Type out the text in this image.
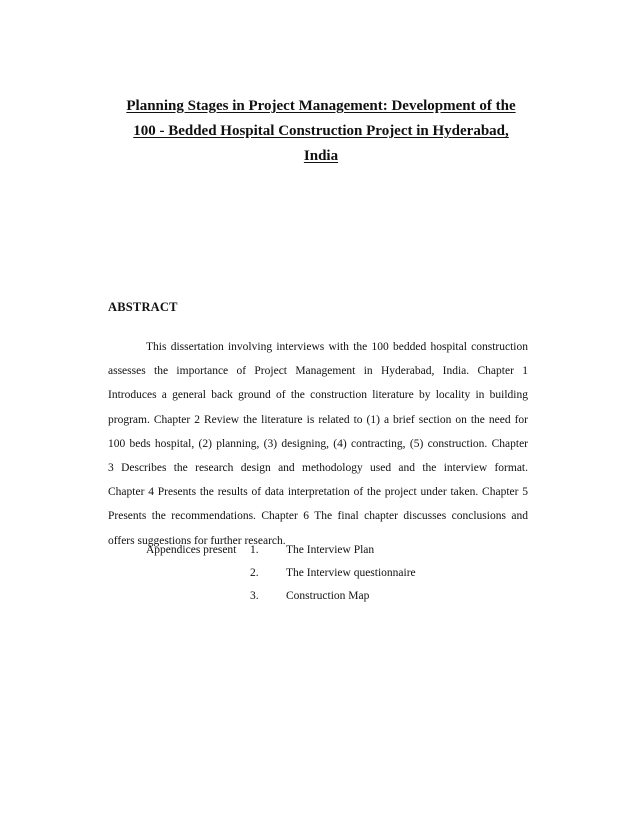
Planning Stages in Project Management: Development of the
100 - Bedded Hospital Construction Project in Hyderabad,
India
ABSTRACT
This dissertation involving interviews with the 100 bedded hospital construction
assesses the importance of Project Management in Hyderabad, India. Chapter 1
Introduces a general back ground of the construction literature by locality in building
program. Chapter 2 Review the literature is related to (1) a brief section on the need for
100 beds hospital, (2) planning, (3) designing, (4) contracting, (5) construction. Chapter
3 Describes the research design and methodology used and the interview format.
Chapter 4 Presents the results of data interpretation of the project under taken. Chapter 5
Presents the recommendations. Chapter 6 The final chapter discusses conclusions and
offers suggestions for further research.
Appendices present 1. The Interview Plan
2. The Interview questionnaire
3. Construction Map
